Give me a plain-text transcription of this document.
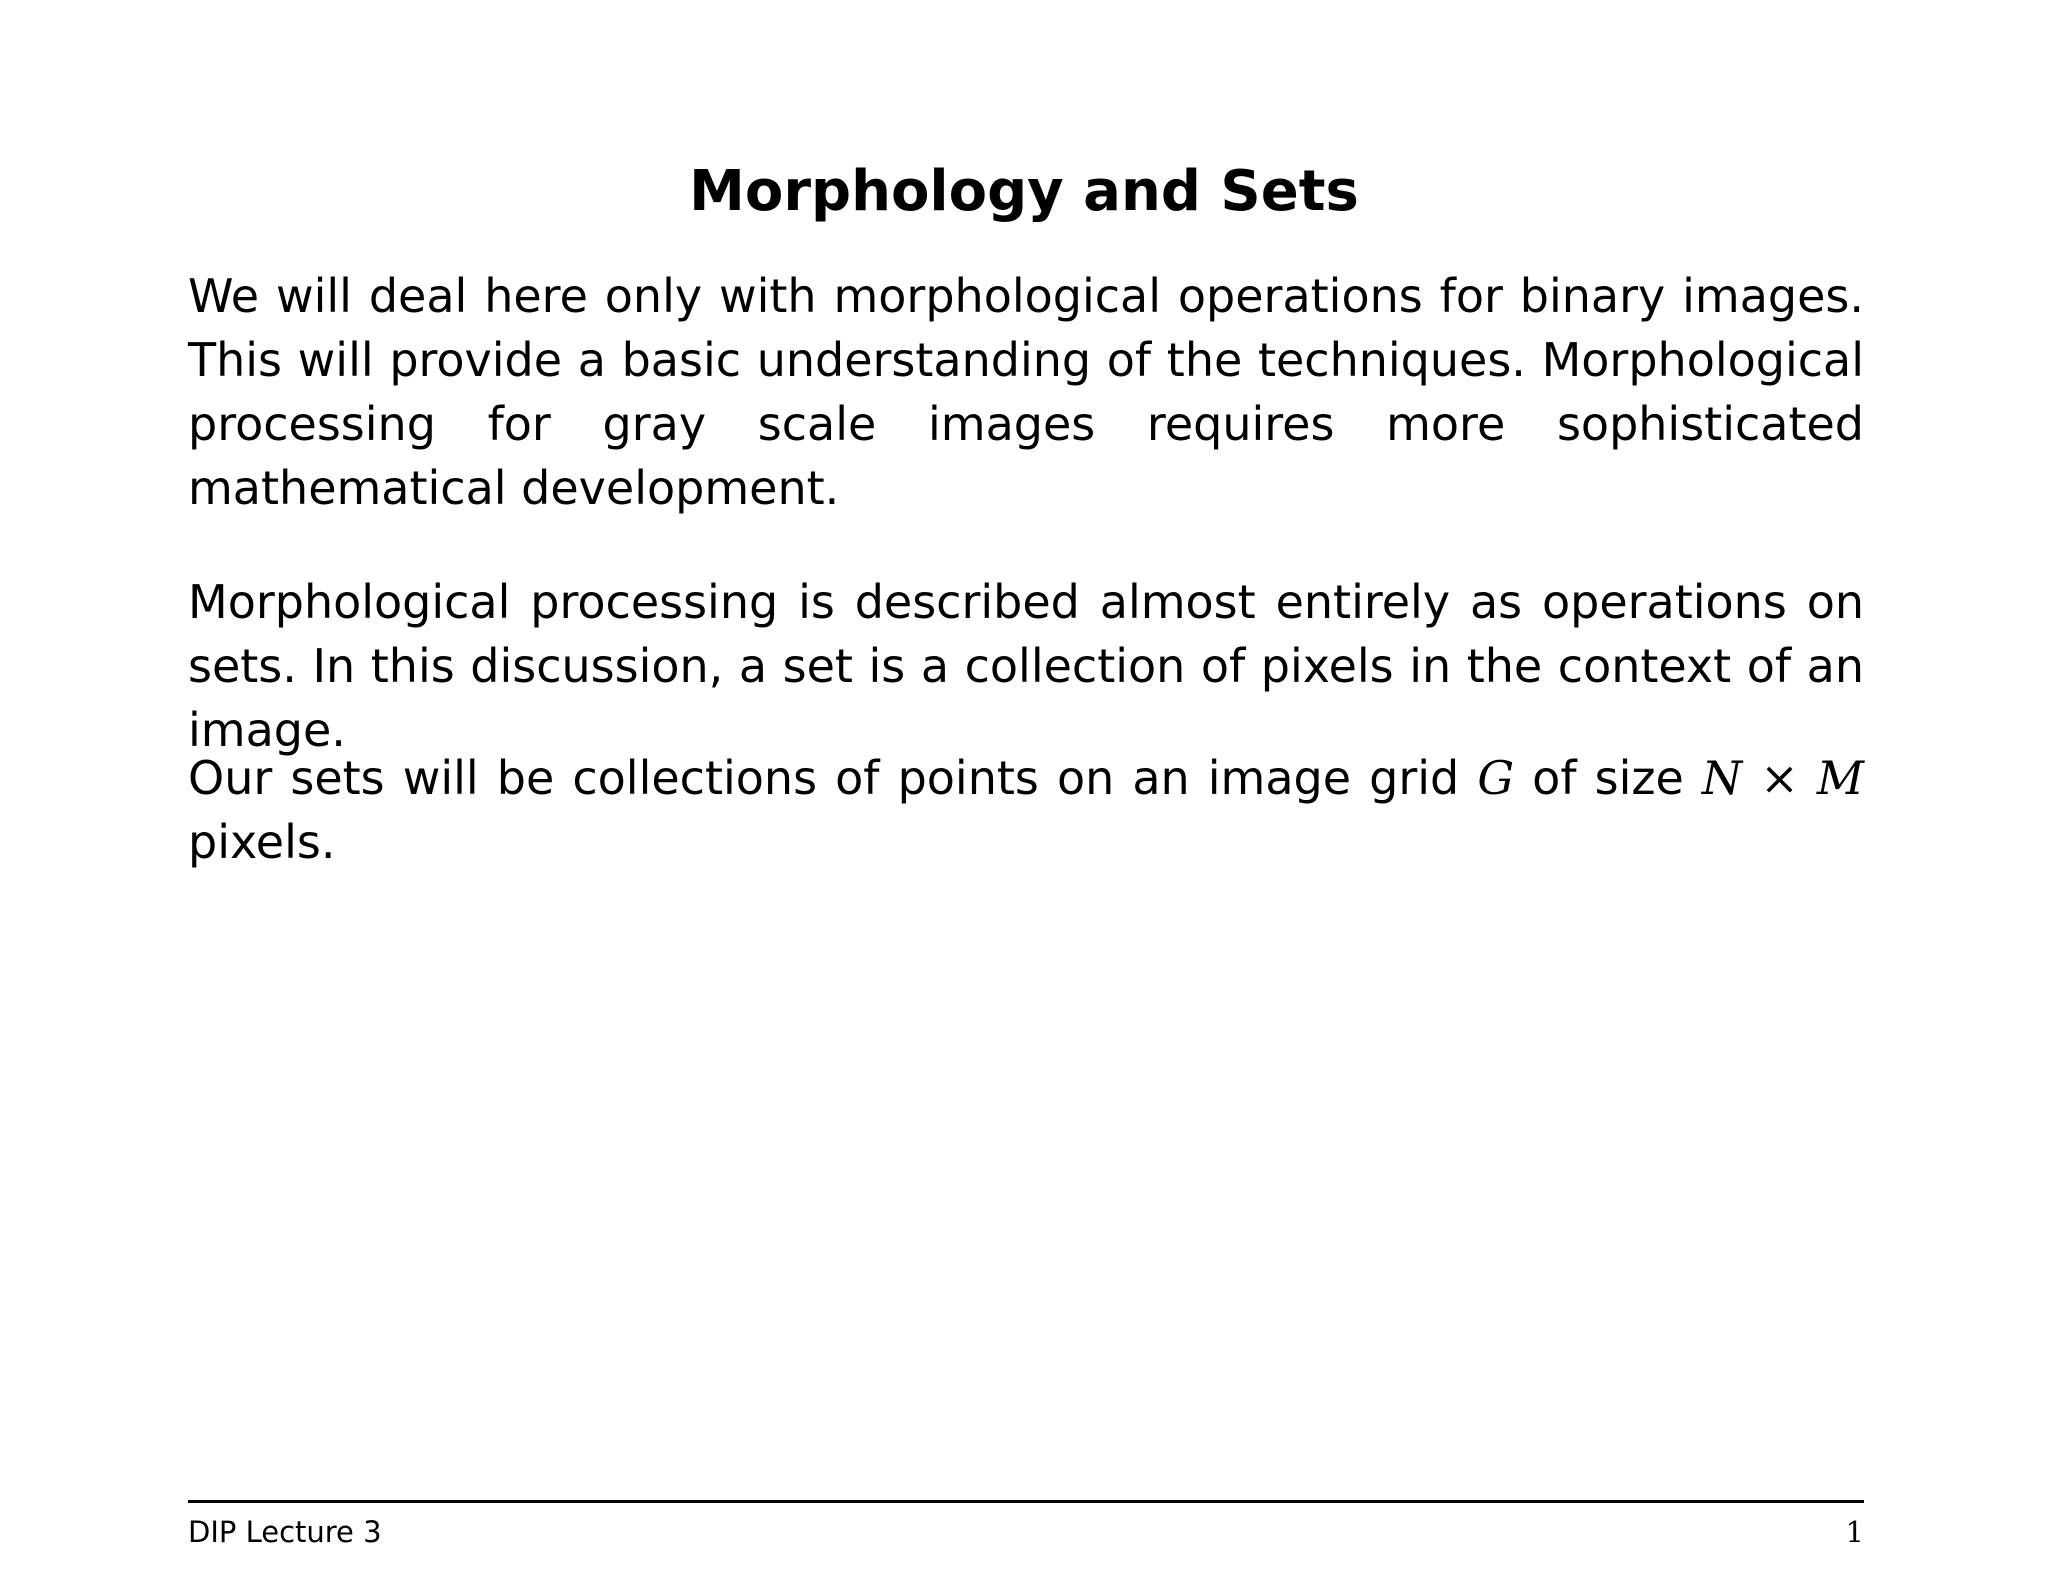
Morphology and Sets

We will deal here only with morphological operations for binary images. This will provide a basic understanding of the techniques. Morphological processing for gray scale images requires more sophisticated mathematical development.

Morphological processing is described almost entirely as operations on sets. In this discussion, a set is a collection of pixels in the context of an image.

Our sets will be collections of points on an image grid G of size N × M pixels.

DIP Lecture 3	1
